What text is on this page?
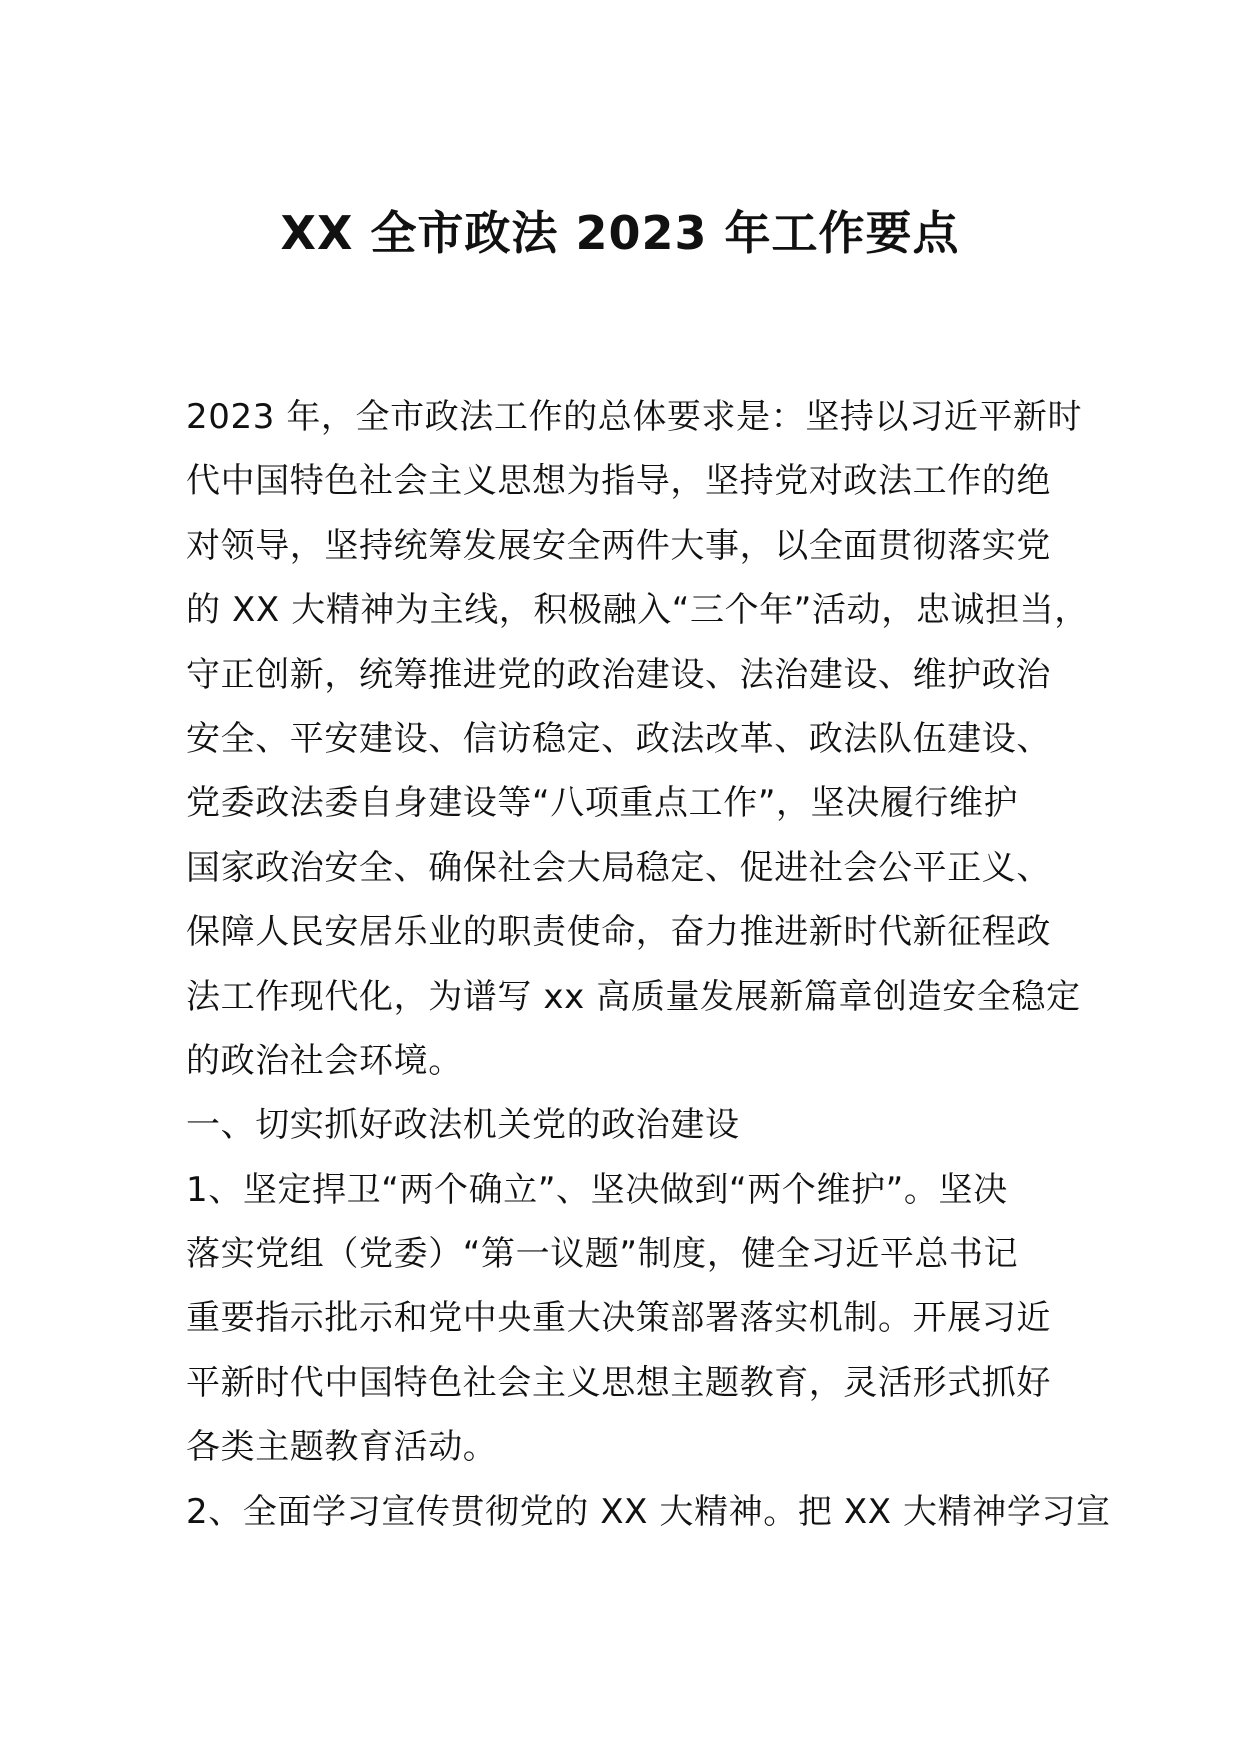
XX 全市政法 2023 年工作要点
2023 年，全市政法工作的总体要求是：坚持以习近平新时
代中国特色社会主义思想为指导，坚持党对政法工作的绝
对领导，坚持统筹发展安全两件大事，以全面贯彻落实党
的 XX 大精神为主线，积极融入“三个年”活动，忠诚担当，
守正创新，统筹推进党的政治建设、法治建设、维护政治
安全、平安建设、信访稳定、政法改革、政法队伍建设、
党委政法委自身建设等“八项重点工作”，坚决履行维护
国家政治安全、确保社会大局稳定、促进社会公平正义、
保障人民安居乐业的职责使命，奋力推进新时代新征程政
法工作现代化，为谱写 xx 高质量发展新篇章创造安全稳定
的政治社会环境。
一、切实抓好政法机关党的政治建设
1、坚定捍卫“两个确立”、坚决做到“两个维护”。坚决
落实党组（党委）“第一议题”制度，健全习近平总书记
重要指示批示和党中央重大决策部署落实机制。开展习近
平新时代中国特色社会主义思想主题教育，灵活形式抓好
各类主题教育活动。
2、全面学习宣传贯彻党的 XX 大精神。把 XX 大精神学习宣
